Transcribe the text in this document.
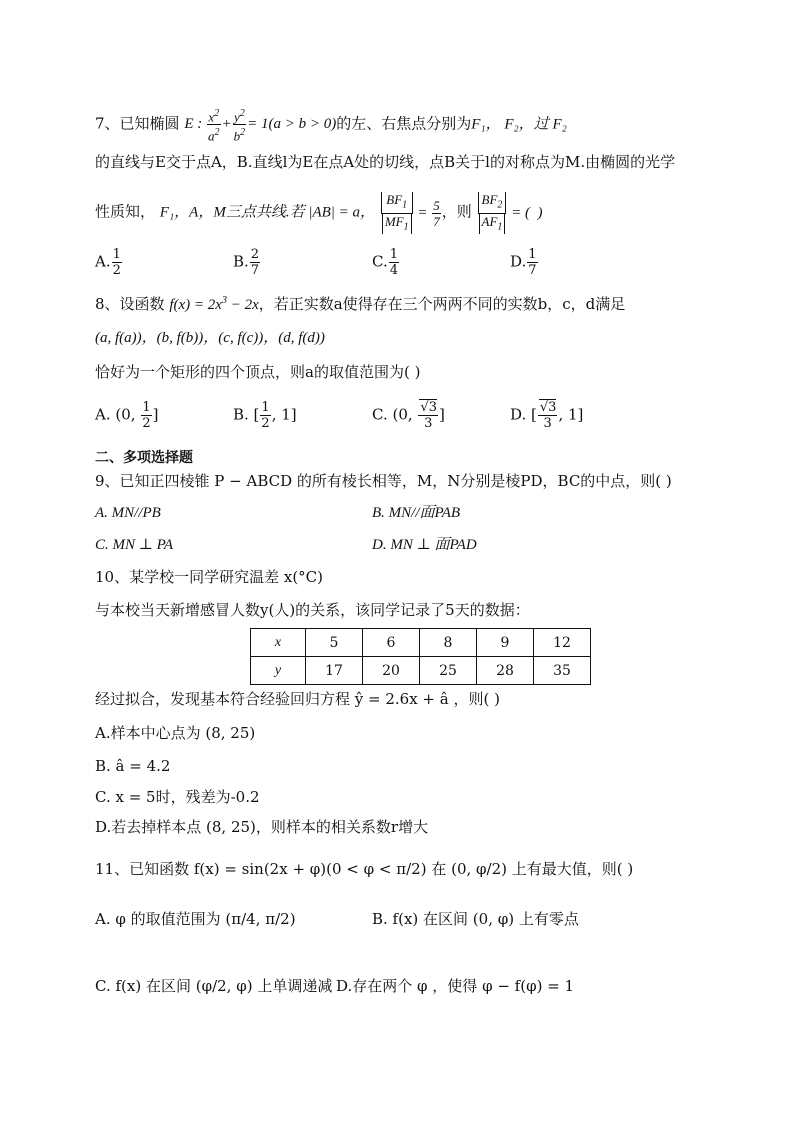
7、已知椭圆 E : $\frac{x^2}{a^2} + \frac{y^2}{b^2} = 1(a > b > 0)$的左、右焦点分别为F₁， F₂，过 F₂
的直线与E交于点A，B.直线l为E在点A处的切线，点B关于l的对称点为M.由椭圆的光学
性质知， F₁，A，M三点共线.若 |AB| = a， $\frac{BF_1}{MF_1} = \frac{5}{7}$ ，则 $\frac{BF_2}{AF_1}$ = (  )
A. $\frac{1}{2}$	B. $\frac{2}{7}$	C. $\frac{1}{4}$	D. $\frac{1}{7}$
8、设函数 $f(x) = 2x^3 - 2x$，若正实数a使得存在三个两两不同的实数b，c，d满足
(a, f(a))，(b, f(b))，(c, f(c))，(d, f(d))
恰好为一个矩形的四个顶点，则a的取值范围为( )
A. (0, $\frac{1}{2}$ ]	B. [ $\frac{1}{2}$ , 1]	C. (0, $\frac{√3}{3}$ ]	D. [ $\frac{√3}{3}$ , 1]
二、多项选择题
9、已知正四棱锥 P − ABCD 的所有棱长相等，M，N分别是棱PD，BC的中点，则( )
A. MN//PB	B. MN//面PAB
C. MN ⊥ PA	D. MN ⊥ 面PAD
10、某学校一同学研究温差 x(°C)
与本校当天新增感冒人数y(人)的关系，该同学记录了5天的数据：
x	5	6	8	9	12
y	17	20	25	28	35
经过拟合，发现基本符合经验回归方程 ŷ = 2.6x + â ，则( )
A.样本中心点为 (8, 25)
B. â = 4.2
C. x = 5时，残差为-0.2
D.若去掉样本点 (8, 25)，则样本的相关系数r增大
11、已知函数 f(x) = sin(2x + φ)(0 < φ < π/2) 在 (0, φ/2) 上有最大值，则( )
A. φ 的取值范围为 (π/4, π/2)	B. f(x) 在区间 (0, φ) 上有零点
C. f(x) 在区间 (φ/2, φ) 上单调递减 D.存在两个 φ ，使得 φ − f(φ) = 1
